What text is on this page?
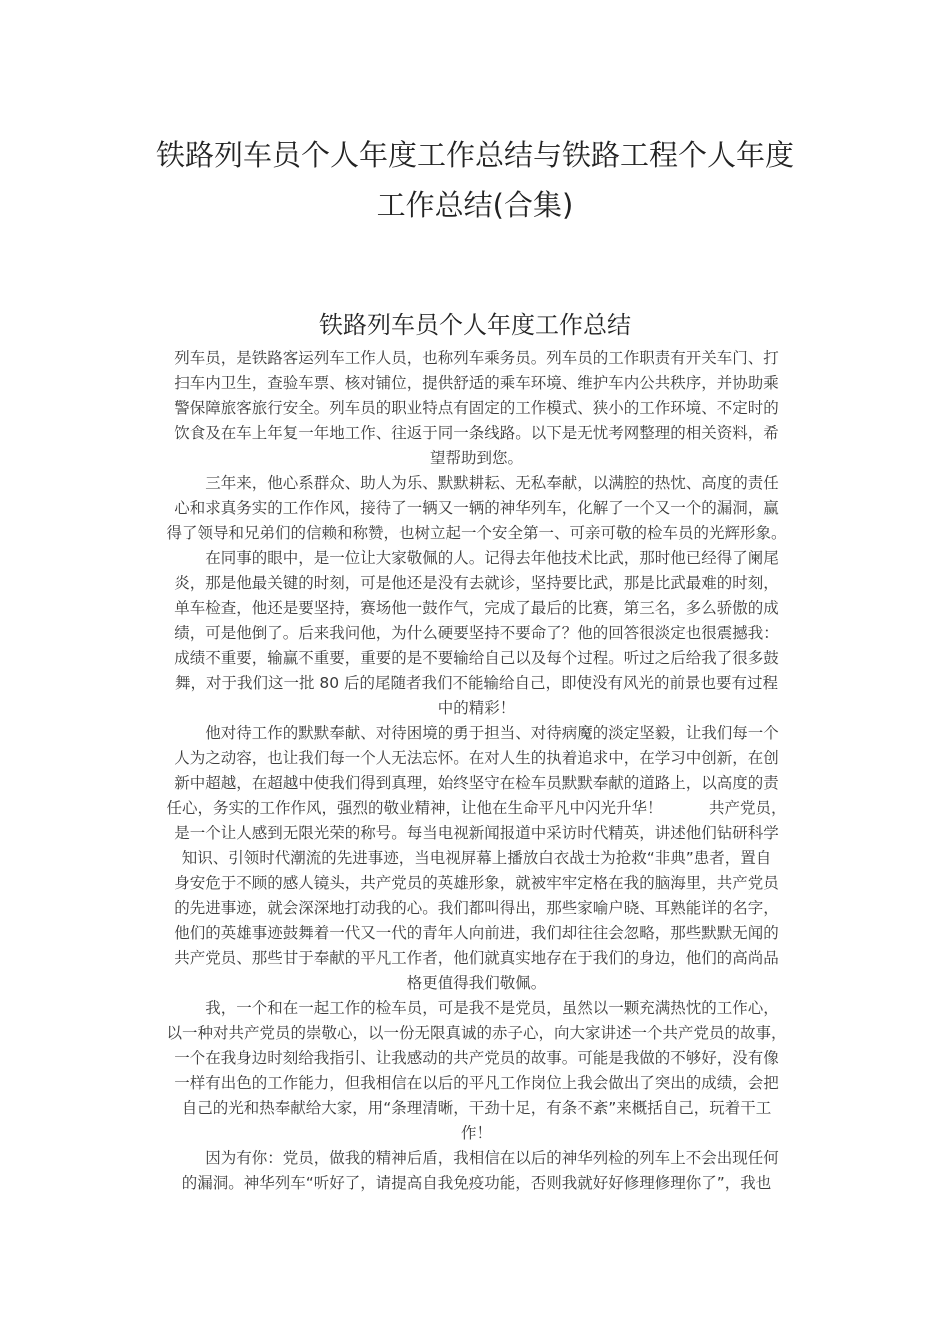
铁路列车员个人年度工作总结与铁路工程个人年度
工作总结(合集)
铁路列车员个人年度工作总结

列车员，是铁路客运列车工作人员，也称列车乘务员。列车员的工作职责有开关车门、打
扫车内卫生，查验车票、核对铺位，提供舒适的乘车环境、维护车内公共秩序，并协助乘
警保障旅客旅行安全。列车员的职业特点有固定的工作模式、狭小的工作环境、不定时的
饮食及在车上年复一年地工作、往返于同一条线路。以下是无忧考网整理的相关资料，希
望帮助到您。

　　三年来，他心系群众、助人为乐、默默耕耘、无私奉献，以满腔的热忱、高度的责任
心和求真务实的工作作风，接待了一辆又一辆的神华列车，化解了一个又一个的漏洞，赢
得了领导和兄弟们的信赖和称赞，也树立起一个安全第一、可亲可敬的检车员的光辉形象。

　　在同事的眼中，是一位让大家敬佩的人。记得去年他技术比武，那时他已经得了阑尾
炎，那是他最关键的时刻，可是他还是没有去就诊，坚持要比武，那是比武最难的时刻，
单车检查，他还是要坚持，赛场他一鼓作气，完成了最后的比赛，第三名，多么骄傲的成
绩，可是他倒了。后来我问他，为什么硬要坚持不要命了？他的回答很淡定也很震撼我：
成绩不重要，输赢不重要，重要的是不要输给自己以及每个过程。听过之后给我了很多鼓
舞，对于我们这一批 80 后的尾随者我们不能输给自己，即使没有风光的前景也要有过程
中的精彩！

　　他对待工作的默默奉献、对待困境的勇于担当、对待病魔的淡定坚毅，让我们每一个
人为之动容，也让我们每一个人无法忘怀。在对人生的执着追求中，在学习中创新，在创
新中超越，在超越中使我们得到真理，始终坚守在检车员默默奉献的道路上，以高度的责
任心，务实的工作作风，强烈的敬业精神，让他在生命平凡中闪光升华！　　　共产党员，
是一个让人感到无限光荣的称号。每当电视新闻报道中采访时代精英，讲述他们钻研科学
知识、引领时代潮流的先进事迹，当电视屏幕上播放白衣战士为抢救“非典”患者，置自
身安危于不顾的感人镜头，共产党员的英雄形象，就被牢牢定格在我的脑海里，共产党员
的先进事迹，就会深深地打动我的心。我们都叫得出，那些家喻户晓、耳熟能详的名字，
他们的英雄事迹鼓舞着一代又一代的青年人向前进，我们却往往会忽略，那些默默无闻的
共产党员、那些甘于奉献的平凡工作者，他们就真实地存在于我们的身边，他们的高尚品
格更值得我们敬佩。

　　我，一个和在一起工作的检车员，可是我不是党员，虽然以一颗充满热忱的工作心，
以一种对共产党员的崇敬心，以一份无限真诚的赤子心，向大家讲述一个共产党员的故事，
一个在我身边时刻给我指引、让我感动的共产党员的故事。可能是我做的不够好，没有像
一样有出色的工作能力，但我相信在以后的平凡工作岗位上我会做出了突出的成绩，会把
自己的光和热奉献给大家，用“条理清晰，干劲十足，有条不紊”来概括自己，玩着干工
作！

　　因为有你：党员，做我的精神后盾，我相信在以后的神华列检的列车上不会出现任何
的漏洞。神华列车“听好了，请提高自我免疫功能，否则我就好好修理修理你了”，我也
